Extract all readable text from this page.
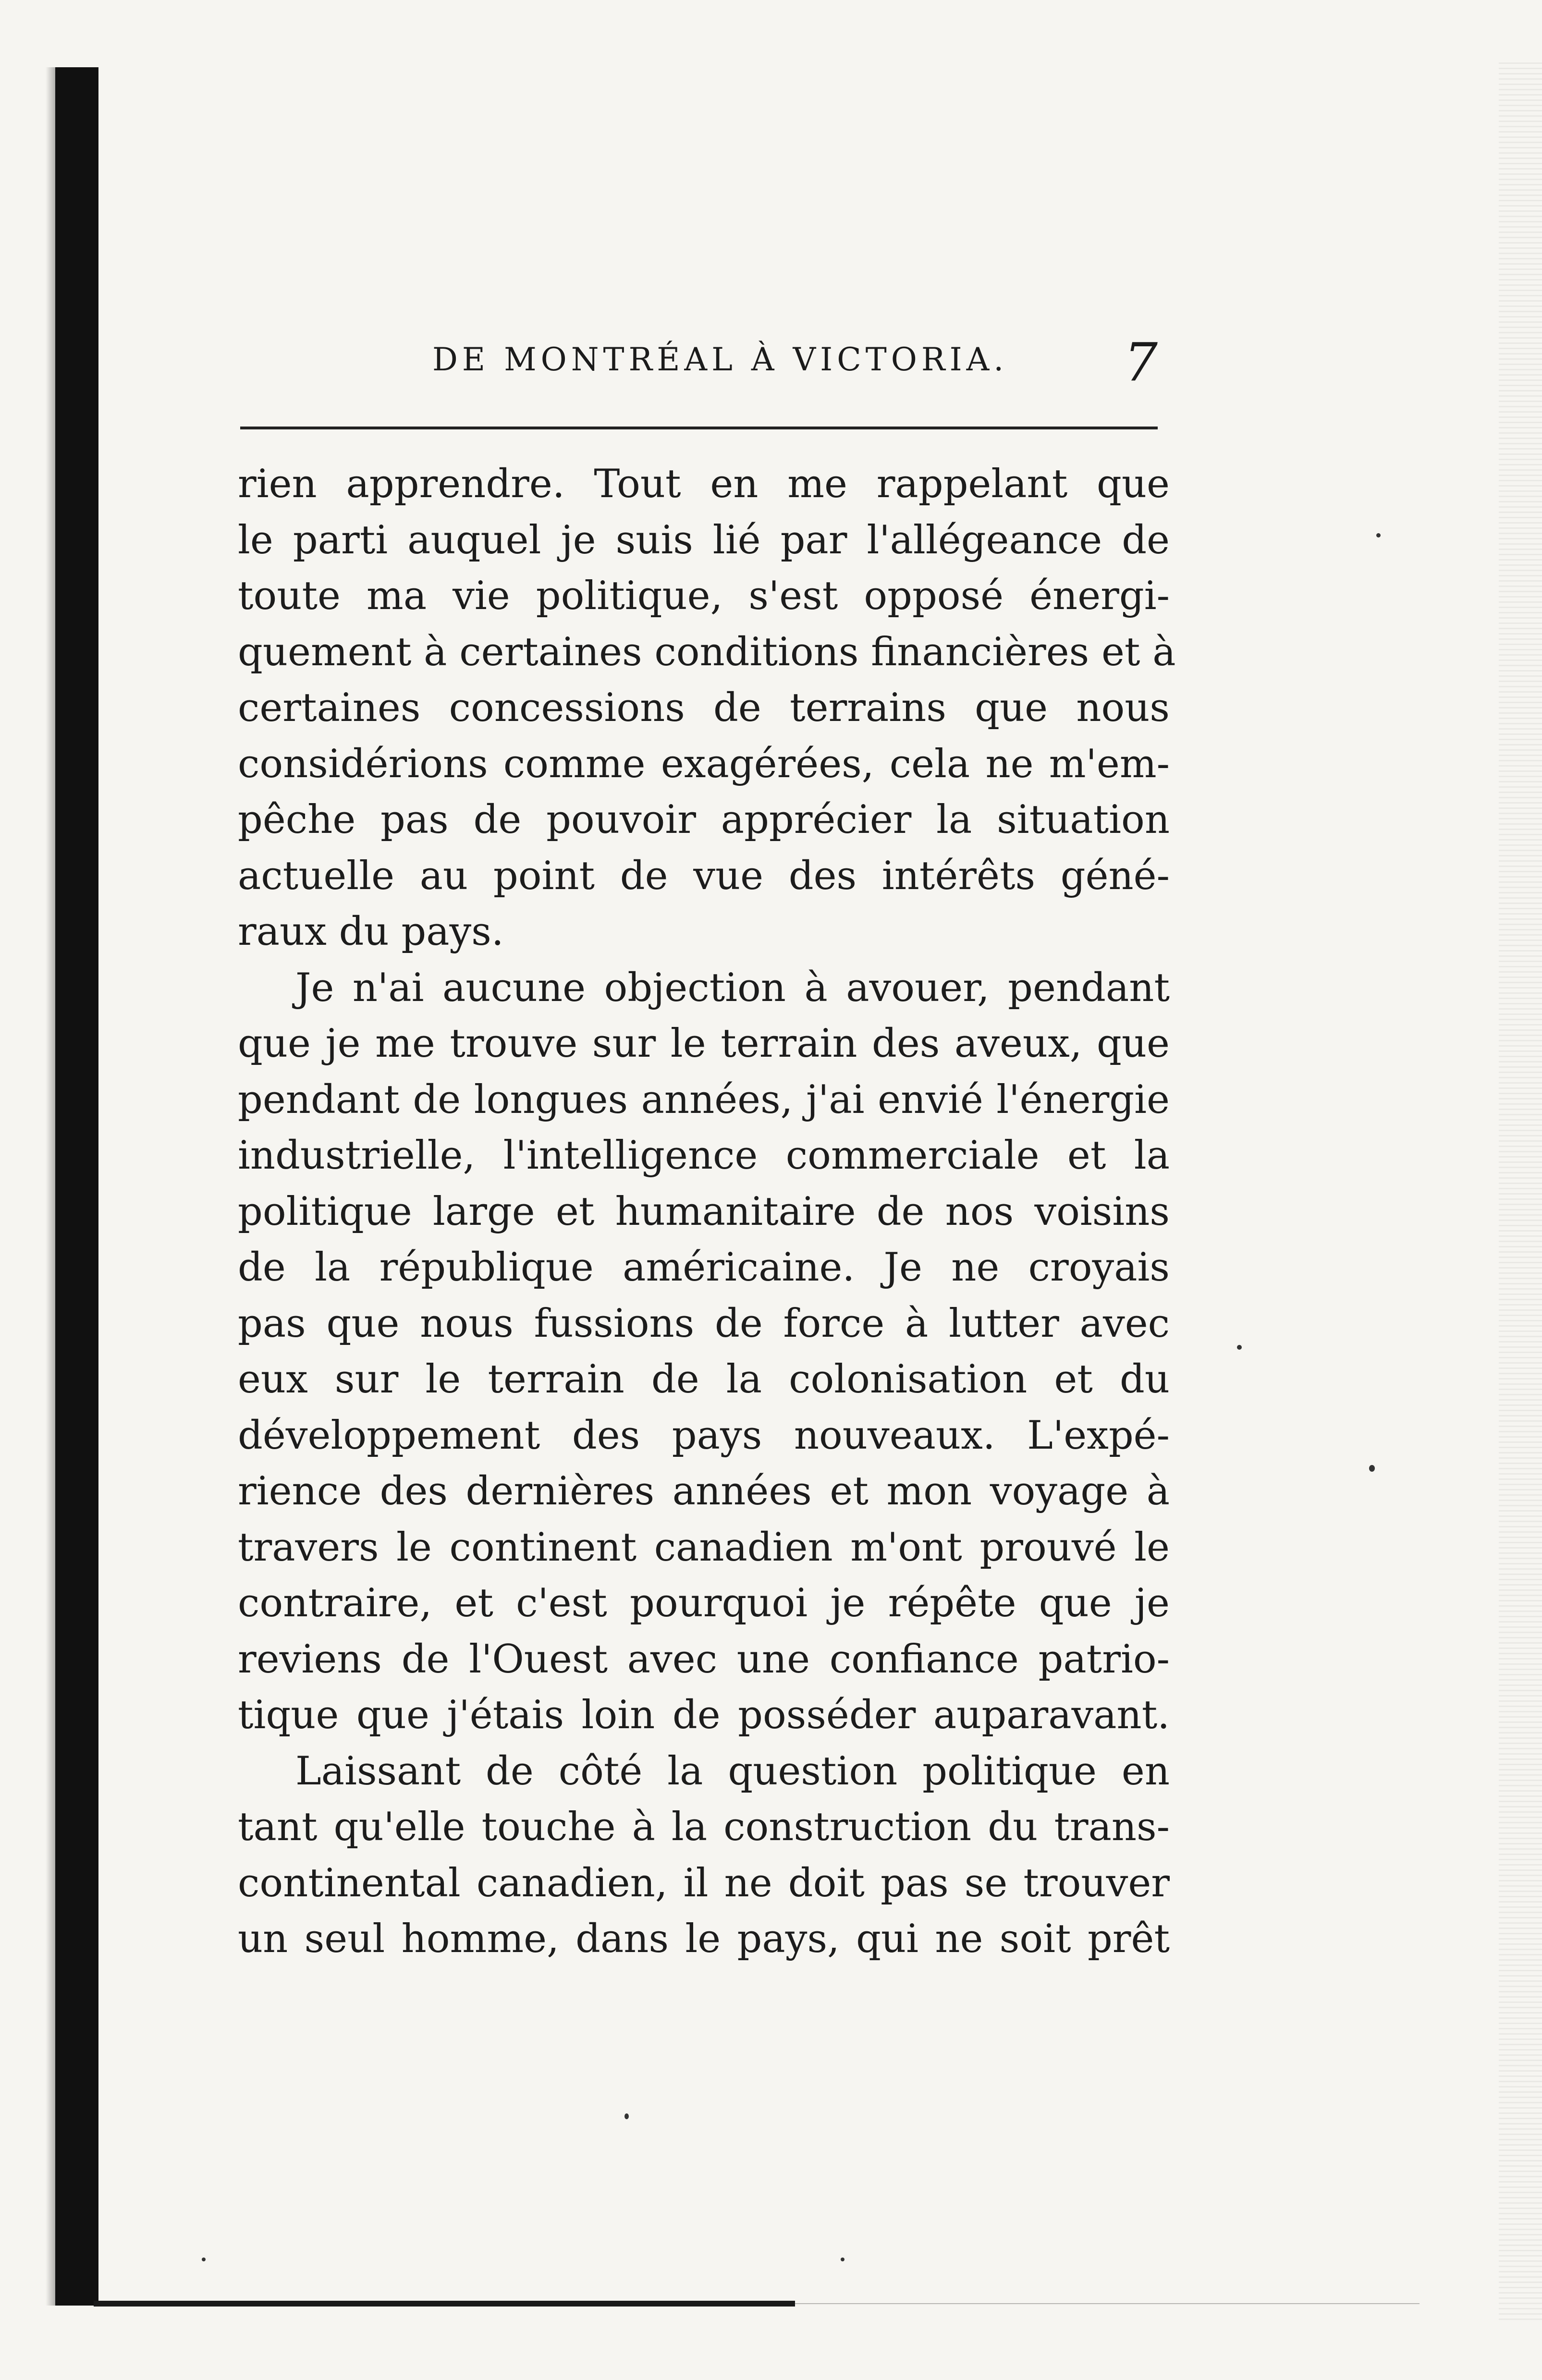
DE MONTRÉAL À VICTORIA. 7
rien apprendre. Tout en me rappelant que
le parti auquel je suis lié par l'allégeance de
toute ma vie politique, s'est opposé énergi-
quement à certaines conditions financières et à
certaines concessions de terrains que nous
considérions comme exagérées, cela ne m'em-
pêche pas de pouvoir apprécier la situation
actuelle au point de vue des intérêts géné-
raux du pays.
Je n'ai aucune objection à avouer, pendant
que je me trouve sur le terrain des aveux, que
pendant de longues années, j'ai envié l'énergie
industrielle, l'intelligence commerciale et la
politique large et humanitaire de nos voisins
de la république américaine. Je ne croyais
pas que nous fussions de force à lutter avec
eux sur le terrain de la colonisation et du
développement des pays nouveaux. L'expé-
rience des dernières années et mon voyage à
travers le continent canadien m'ont prouvé le
contraire, et c'est pourquoi je répête que je
reviens de l'Ouest avec une confiance patrio-
tique que j'étais loin de posséder auparavant.
Laissant de côté la question politique en
tant qu'elle touche à la construction du trans-
continental canadien, il ne doit pas se trouver
un seul homme, dans le pays, qui ne soit prêt
